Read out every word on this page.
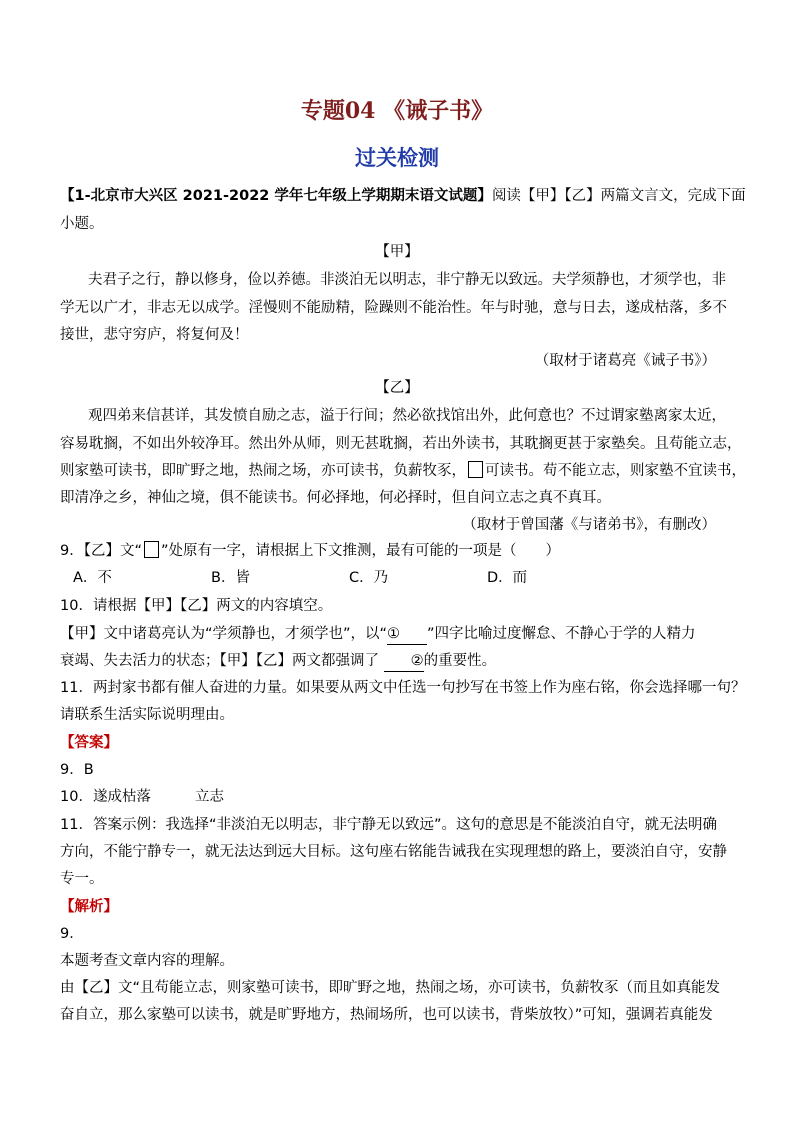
专题04 《诫子书》
过关检测
【1-北京市大兴区 2021-2022 学年七年级上学期期末语文试题】阅读【甲】【乙】两篇文言文，完成下面
小题。
【甲】
夫君子之行，静以修身，俭以养德。非淡泊无以明志，非宁静无以致远。夫学须静也，才须学也，非
学无以广才，非志无以成学。淫慢则不能励精，险躁则不能治性。年与时驰，意与日去，遂成枯落，多不
接世，悲守穷庐，将复何及！
（取材于诸葛亮《诫子书》）
【乙】
观四弟来信甚详，其发愤自励之志，溢于行间；然必欲找馆出外，此何意也？不过谓家塾离家太近，
容易耽搁，不如出外较净耳。然出外从师，则无甚耽搁，若出外读书，其耽搁更甚于家塾矣。且苟能立志，
则家塾可读书，即旷野之地，热闹之场，亦可读书，负薪牧豕， 可读书。苟不能立志，则家塾不宜读书，
即清净之乡，神仙之境，俱不能读书。何必择地，何必择时，但自问立志之真不真耳。
（取材于曾国藩《与诸弟书》，有删改）
9．【乙】文“ ”处原有一字，请根据上下文推测，最有可能的一项是（　　）
A．不	B．皆	C．乃	D．而
10．请根据【甲】【乙】两文的内容填空。
【甲】文中诸葛亮认为“学须静也，才须学也”，以“① ”四字比喻过度懈怠、不静心于学的人精力
衰竭、失去活力的状态；【甲】【乙】两文都强调了 ②的重要性。
11．两封家书都有催人奋进的力量。如果要从两文中任选一句抄写在书签上作为座右铭，你会选择哪一句？
请联系生活实际说明理由。
【答案】
9．B
10．遂成枯落	立志
11．答案示例：我选择“非淡泊无以明志，非宁静无以致远”。这句的意思是不能淡泊自守，就无法明确
方向，不能宁静专一，就无法达到远大目标。这句座右铭能告诫我在实现理想的路上，要淡泊自守，安静
专一。
【解析】
9．
本题考查文章内容的理解。
由【乙】文“且苟能立志，则家塾可读书，即旷野之地，热闹之场，亦可读书，负薪牧豕（而且如真能发
奋自立，那么家塾可以读书，就是旷野地方，热闹场所，也可以读书，背柴放牧）”可知，强调若真能发
